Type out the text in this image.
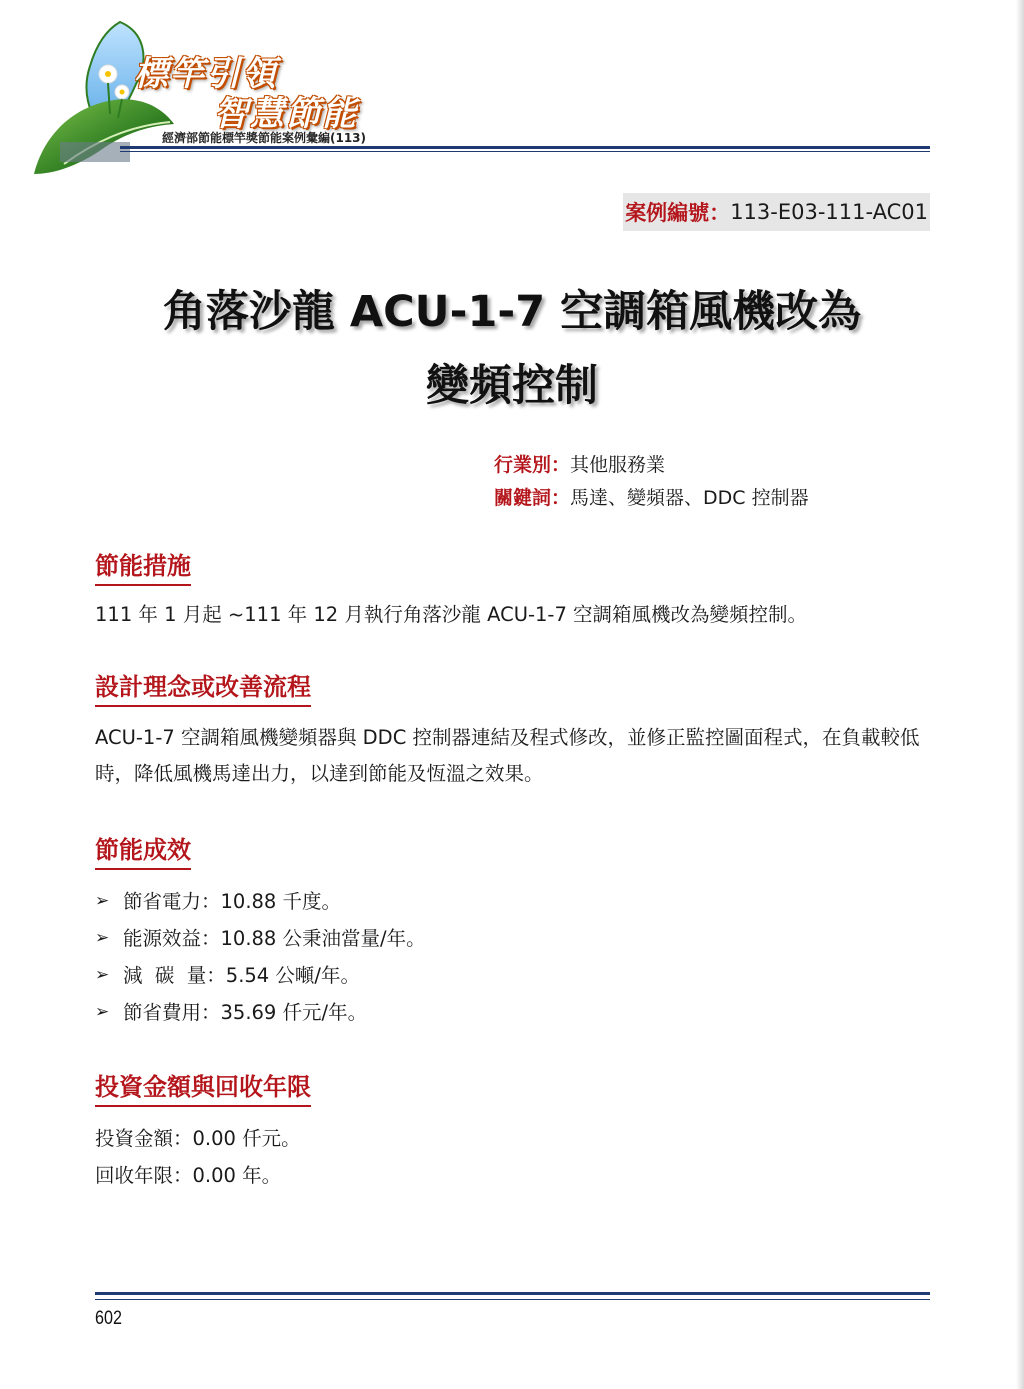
標竿引領
智慧節能
經濟部節能標竿獎節能案例彙編(113)
案例編號： 113-E03-111-AC01
角落沙龍 ACU-1-7 空調箱風機改為
變頻控制
行業別：其他服務業
關鍵詞：馬達、變頻器、DDC 控制器
節能措施
111 年 1 月起 ~111 年 12 月執行角落沙龍 ACU-1-7 空調箱風機改為變頻控制。
設計理念或改善流程
ACU-1-7 空調箱風機變頻器與 DDC 控制器連結及程式修改，並修正監控圖面程式，在負載較低時，降低風機馬達出力，以達到節能及恆溫之效果。
節能成效
➢ 節省電力：10.88 千度。
➢ 能源效益：10.88 公秉油當量/年。
➢ 減  碳  量：5.54 公噸/年。
➢ 節省費用：35.69 仟元/年。
投資金額與回收年限
投資金額：0.00 仟元。
回收年限：0.00 年。
602
